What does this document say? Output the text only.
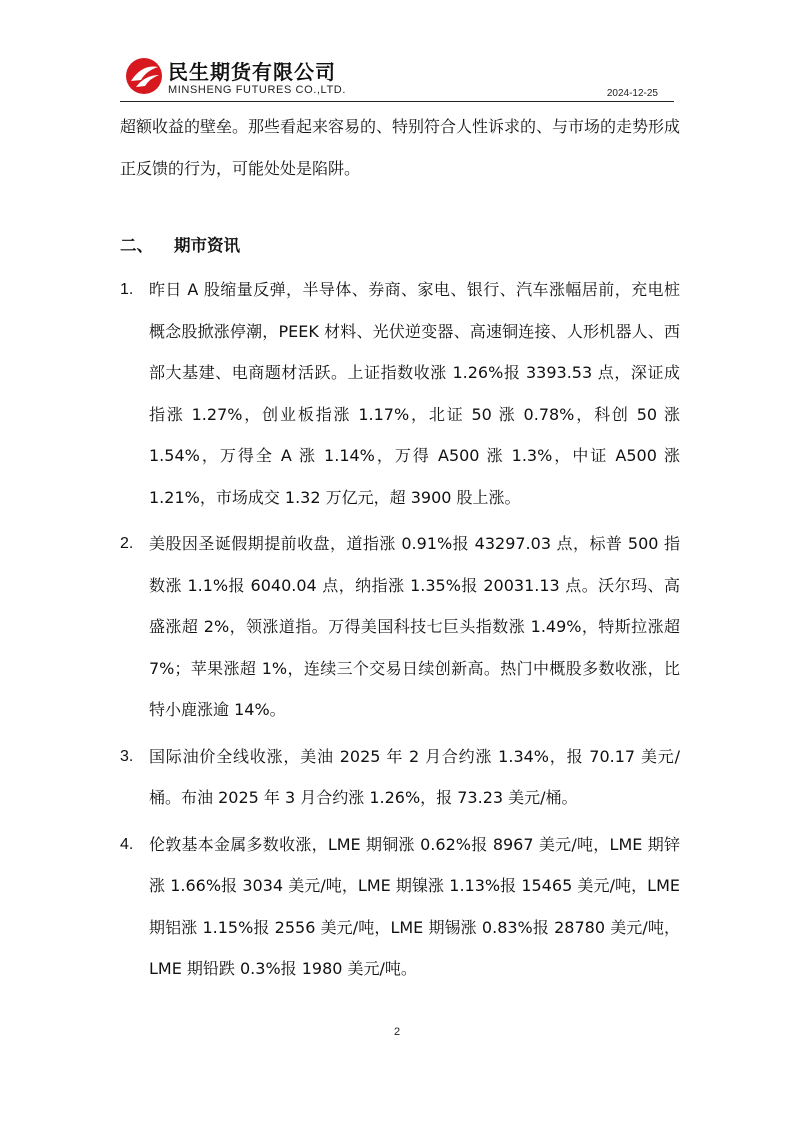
民生期货有限公司
MINSHENG FUTURES CO.,LTD.	2024-12-25

超额收益的壁垒。那些看起来容易的、特别符合人性诉求的、与市场的走势形成正反馈的行为，可能处处是陷阱。

二、 期市资讯
1. 昨日 A 股缩量反弹，半导体、券商、家电、银行、汽车涨幅居前，充电桩概念股掀涨停潮，PEEK 材料、光伏逆变器、高速铜连接、人形机器人、西部大基建、电商题材活跃。上证指数收涨 1.26%报 3393.53 点，深证成指涨 1.27%，创业板指涨 1.17%，北证 50 涨 0.78%，科创 50 涨 1.54%，万得全 A 涨 1.14%，万得 A500 涨 1.3%，中证 A500 涨 1.21%，市场成交 1.32 万亿元，超 3900 股上涨。
2. 美股因圣诞假期提前收盘，道指涨 0.91%报 43297.03 点，标普 500 指数涨 1.1%报 6040.04 点，纳指涨 1.35%报 20031.13 点。沃尔玛、高盛涨超 2%，领涨道指。万得美国科技七巨头指数涨 1.49%，特斯拉涨超 7%；苹果涨超 1%，连续三个交易日续创新高。热门中概股多数收涨，比特小鹿涨逾 14%。
3. 国际油价全线收涨，美油 2025 年 2 月合约涨 1.34%，报 70.17 美元/桶。布油 2025 年 3 月合约涨 1.26%，报 73.23 美元/桶。
4. 伦敦基本金属多数收涨，LME 期铜涨 0.62%报 8967 美元/吨，LME 期锌涨 1.66%报 3034 美元/吨，LME 期镍涨 1.13%报 15465 美元/吨，LME 期铝涨 1.15%报 2556 美元/吨，LME 期锡涨 0.83%报 28780 美元/吨，LME 期铅跌 0.3%报 1980 美元/吨。
2
